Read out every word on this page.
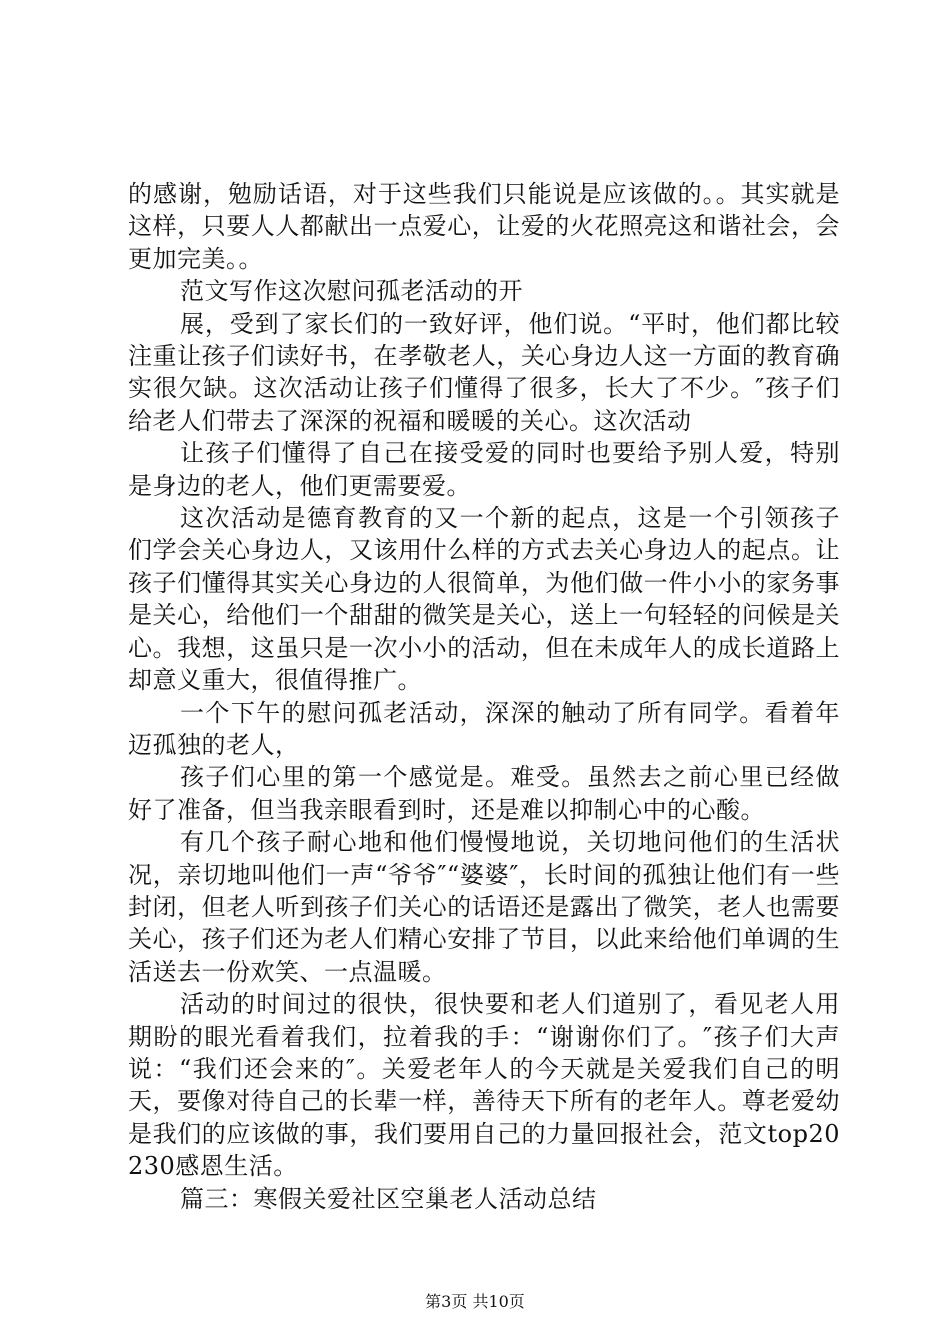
的感谢，勉励话语，对于这些我们只能说是应该做的。。其实就是这样，只要人人都献出一点爱心，让爱的火花照亮这和谐社会，会更加完美。。

范文写作这次慰问孤老活动的开

展，受到了家长们的一致好评，他们说。“平时，他们都比较注重让孩子们读好书，在孝敬老人，关心身边人这一方面的教育确实很欠缺。这次活动让孩子们懂得了很多，长大了不少。″孩子们给老人们带去了深深的祝福和暖暖的关心。这次活动

让孩子们懂得了自己在接受爱的同时也要给予别人爱，特别是身边的老人，他们更需要爱。

这次活动是德育教育的又一个新的起点，这是一个引领孩子们学会关心身边人，又该用什么样的方式去关心身边人的起点。让孩子们懂得其实关心身边的人很简单，为他们做一件小小的家务事是关心，给他们一个甜甜的微笑是关心，送上一句轻轻的问候是关心。我想，这虽只是一次小小的活动，但在未成年人的成长道路上却意义重大，很值得推广。

一个下午的慰问孤老活动，深深的触动了所有同学。看着年迈孤独的老人，

孩子们心里的第一个感觉是。难受。虽然去之前心里已经做好了准备，但当我亲眼看到时，还是难以抑制心中的心酸。

有几个孩子耐心地和他们慢慢地说，关切地问他们的生活状况，亲切地叫他们一声“爷爷″“婆婆″，长时间的孤独让他们有一些封闭，但老人听到孩子们关心的话语还是露出了微笑，老人也需要关心，孩子们还为老人们精心安排了节目，以此来给他们单调的生活送去一份欢笑、一点温暖。

活动的时间过的很快，很快要和老人们道别了，看见老人用期盼的眼光看着我们，拉着我的手：“谢谢你们了。″孩子们大声说：“我们还会来的″。关爱老年人的今天就是关爱我们自己的明天，要像对待自己的长辈一样，善待天下所有的老年人。尊老爱幼是我们的应该做的事，我们要用自己的力量回报社会，范文top20230感恩生活。

篇三：寒假关爱社区空巢老人活动总结

第3页 共10页
